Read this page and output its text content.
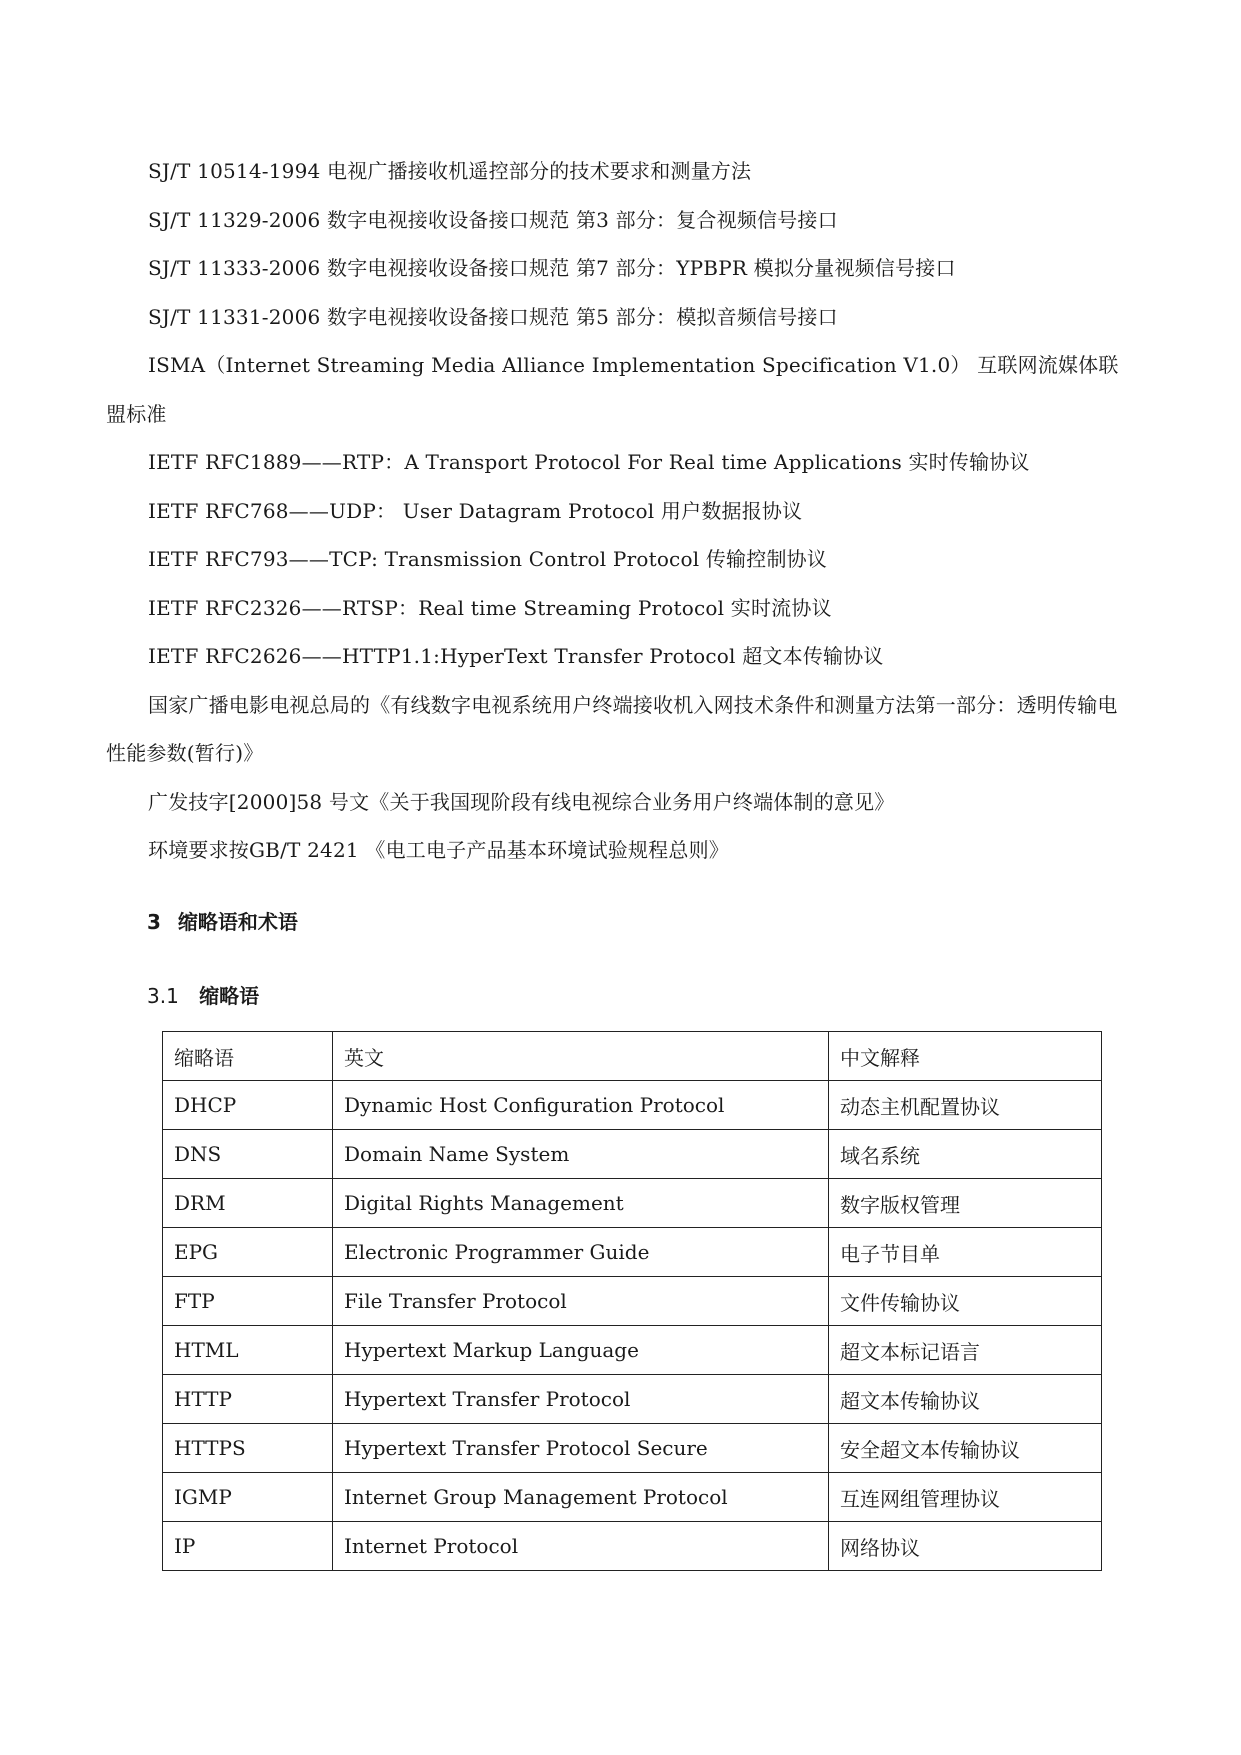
SJ/T 10514-1994 电视广播接收机遥控部分的技术要求和测量方法

SJ/T 11329-2006 数字电视接收设备接口规范 第3 部分：复合视频信号接口

SJ/T 11333-2006 数字电视接收设备接口规范 第7 部分：YPBPR 模拟分量视频信号接口

SJ/T 11331-2006 数字电视接收设备接口规范 第5 部分：模拟音频信号接口

ISMA（Internet Streaming Media Alliance Implementation Specification V1.0） 互联网流媒体联盟标准

IETF RFC1889——RTP：A Transport Protocol For Real time Applications 实时传输协议

IETF RFC768——UDP： User Datagram Protocol 用户数据报协议

IETF RFC793——TCP: Transmission Control Protocol 传输控制协议

IETF RFC2326——RTSP：Real time Streaming Protocol 实时流协议

IETF RFC2626——HTTP1.1:HyperText Transfer Protocol 超文本传输协议

国家广播电影电视总局的《有线数字电视系统用户终端接收机入网技术条件和测量方法第一部分：透明传输电性能参数(暂行)》

广发技字[2000]58 号文《关于我国现阶段有线电视综合业务用户终端体制的意见》

环境要求按GB/T 2421 《电工电子产品基本环境试验规程总则》

3 缩略语和术语

3.1 缩略语

缩略语	英文	中文解释
DHCP	Dynamic Host Configuration Protocol	动态主机配置协议
DNS	Domain Name System	域名系统
DRM	Digital Rights Management	数字版权管理
EPG	Electronic Programmer Guide	电子节目单
FTP	File Transfer Protocol	文件传输协议
HTML	Hypertext Markup Language	超文本标记语言
HTTP	Hypertext Transfer Protocol	超文本传输协议
HTTPS	Hypertext Transfer Protocol Secure	安全超文本传输协议
IGMP	Internet Group Management Protocol	互连网组管理协议
IP	Internet Protocol	网络协议
